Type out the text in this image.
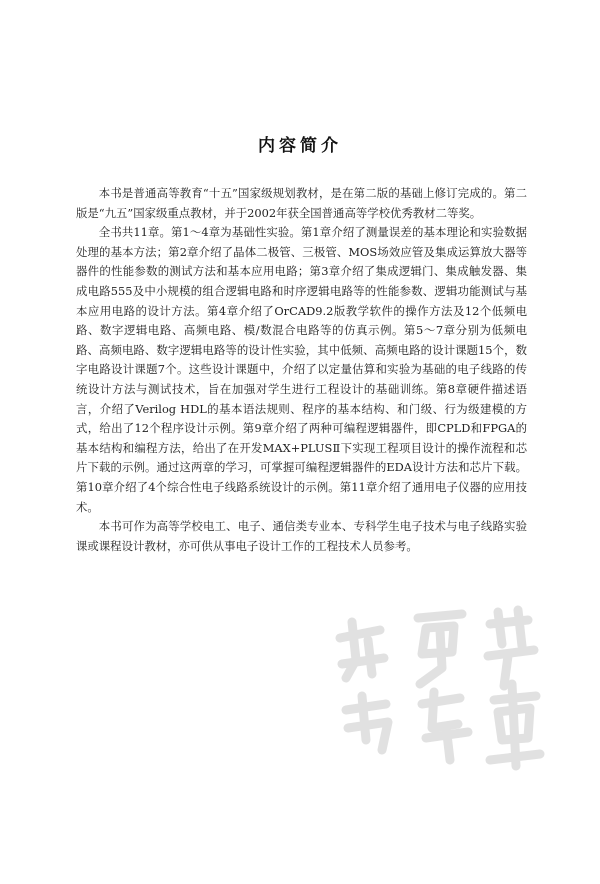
内容简介

本书是普通高等教育“十五”国家级规划教材，是在第二版的基础上修订完成的。第二版是“九五”国家级重点教材，并于2002年获全国普通高等学校优秀教材二等奖。

全书共11章。第1～4章为基础性实验。第1章介绍了测量误差的基本理论和实验数据处理的基本方法；第2章介绍了晶体二极管、三极管、MOS场效应管及集成运算放大器等器件的性能参数的测试方法和基本应用电路；第3章介绍了集成逻辑门、集成触发器、集成电路555及中小规模的组合逻辑电路和时序逻辑电路等的性能参数、逻辑功能测试与基本应用电路的设计方法。第4章介绍了OrCAD9.2版教学软件的操作方法及12个低频电路、数字逻辑电路、高频电路、模/数混合电路等的仿真示例。第5～7章分别为低频电路、高频电路、数字逻辑电路等的设计性实验，其中低频、高频电路的设计课题15个，数字电路设计课题7个。这些设计课题中，介绍了以定量估算和实验为基础的电子线路的传统设计方法与测试技术，旨在加强对学生进行工程设计的基础训练。第8章硬件描述语言，介绍了Verilog HDL的基本语法规则、程序的基本结构、和门级、行为级建模的方式，给出了12个程序设计示例。第9章介绍了两种可编程逻辑器件，即CPLD和FPGA的基本结构和编程方法，给出了在开发MAX+PLUSⅡ下实现工程项目设计的操作流程和芯片下载的示例。通过这两章的学习，可掌握可编程逻辑器件的EDA设计方法和芯片下载。第10章介绍了4个综合性电子线路系统设计的示例。第11章介绍了通用电子仪器的应用技术。

本书可作为高等学校电工、电子、通信类专业本、专科学生电子技术与电子线路实验课或课程设计教材，亦可供从事电子设计工作的工程技术人员参考。
